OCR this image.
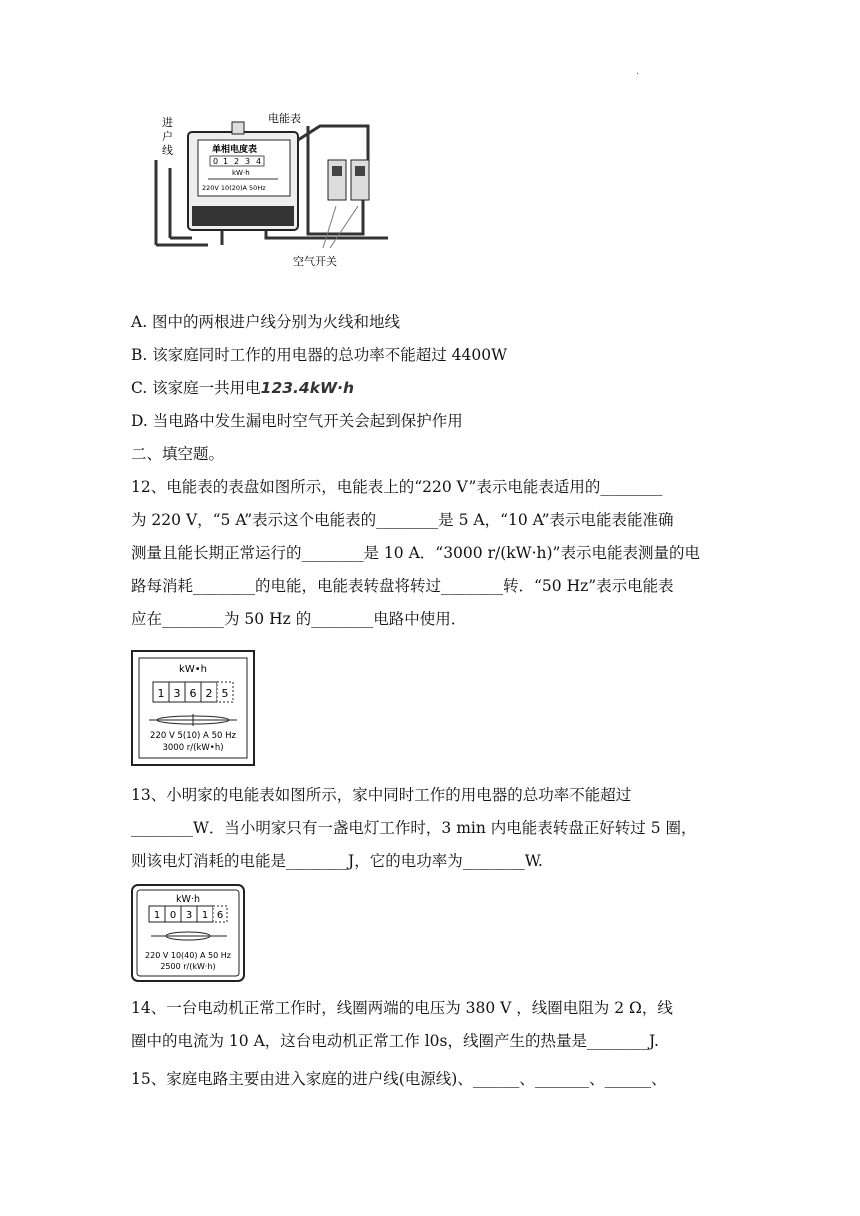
.
进
户
线
电能表
单相电度表
0 1 2 3 4
kW·h
220V 10(20)A 50Hz
空气开关
A. 图中的两根进户线分别为火线和地线
B. 该家庭同时工作的用电器的总功率不能超过 4400W
C. 该家庭一共用电123.4kW·h
D. 当电路中发生漏电时空气开关会起到保护作用
二、填空题。
12、电能表的表盘如图所示，电能表上的“220 V”表示电能表适用的________
为 220 V，“5 A”表示这个电能表的________是 5 A，“10 A”表示电能表能准确
测量且能长期正常运行的________是 10 A．“3000 r/(kW·h)”表示电能表测量的电
路每消耗________的电能，电能表转盘将转过________转．“50 Hz”表示电能表
应在________为 50 Hz 的________电路中使用．
kW•h
1 3 6 2 5
220 V 5(10) A 50 Hz
3000 r/(kW•h)
13、小明家的电能表如图所示，家中同时工作的用电器的总功率不能超过
________W．当小明家只有一盏电灯工作时，3 min 内电能表转盘正好转过 5 圈，
则该电灯消耗的电能是________J，它的电功率为________W.
kW·h
1 0 3 1 6
220 V 10(40) A 50 Hz
2500 r/(kW·h)
14、一台电动机正常工作时，线圈两端的电压为 380 V ，线圈电阻为 2 Ω，线
圈中的电流为 10 A，这台电动机正常工作 l0s，线圈产生的热量是________J.
15、家庭电路主要由进入家庭的进户线(电源线)、______、_______、______、
